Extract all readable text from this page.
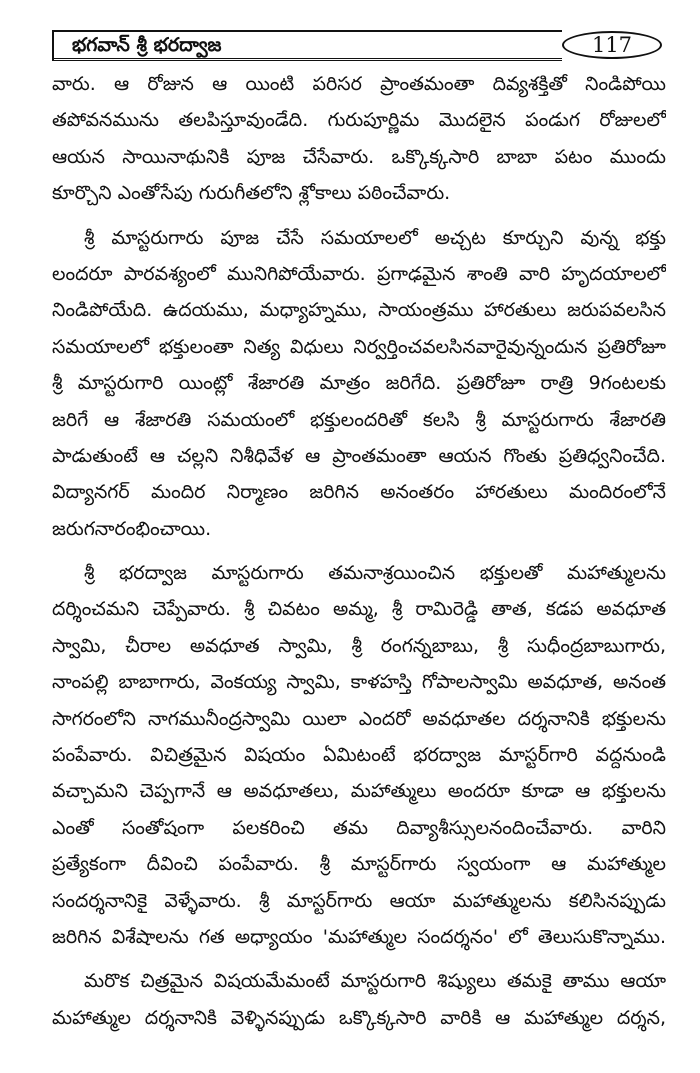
భగవాన్ శ్రీ భరద్వాజ	117
వారు. ఆ రోజున ఆ యింటి పరిసర ప్రాంతమంతా దివ్యశక్తితో నిండిపోయి
తపోవనమును తలపిస్తూవుండేది. గురుపూర్ణిమ మొదలైన పండుగ రోజులలో
ఆయన సాయినాథునికి పూజ చేసేవారు. ఒక్కొక్కసారి బాబా పటం ముందు
కూర్చొని ఎంతోసేపు గురుగీతలోని శ్లోకాలు పఠించేవారు.
శ్రీ మాస్టరుగారు పూజ చేసే సమయాలలో అచ్చట కూర్చుని వున్న భక్తు
లందరూ పారవశ్యంలో మునిగిపోయేవారు. ప్రగాఢమైన శాంతి వారి హృదయాలలో
నిండిపోయేది. ఉదయము, మధ్యాహ్నము, సాయంత్రము హారతులు జరుపవలసిన
సమయాలలో భక్తులంతా నిత్య విధులు నిర్వర్తించవలసినవారైవున్నందున ప్రతిరోజూ
శ్రీ మాస్టరుగారి యింట్లో శేజారతి మాత్రం జరిగేది. ప్రతిరోజూ రాత్రి 9గంటలకు
జరిగే ఆ శేజారతి సమయంలో భక్తులందరితో కలసి శ్రీ మాస్టరుగారు శేజారతి
పాడుతుంటే ఆ చల్లని నిశీధివేళ ఆ ప్రాంతమంతా ఆయన గొంతు ప్రతిధ్వనించేది.
విద్యానగర్ మందిర నిర్మాణం జరిగిన అనంతరం హారతులు మందిరంలోనే
జరుగనారంభించాయి.
శ్రీ భరద్వాజ మాస్టరుగారు తమనాశ్రయించిన భక్తులతో మహాత్ములను
దర్శించమని చెప్పేవారు. శ్రీ చివటం అమ్మ, శ్రీ రామిరెడ్డి తాత, కడప అవధూత
స్వామి, చీరాల అవధూత స్వామి, శ్రీ రంగన్నబాబు, శ్రీ సుధీంద్రబాబుగారు,
నాంపల్లి బాబాగారు, వెంకయ్య స్వామి, కాళహస్తి గోపాలస్వామి అవధూత, అనంత
సాగరంలోని నాగమునీంద్రస్వామి యిలా ఎందరో అవధూతల దర్శనానికి భక్తులను
పంపేవారు. విచిత్రమైన విషయం ఏమిటంటే భరద్వాజ మాస్టర్‌గారి వద్దనుండి
వచ్చామని చెప్పగానే ఆ అవధూతలు, మహాత్ములు అందరూ కూడా ఆ భక్తులను
ఎంతో సంతోషంగా పలకరించి తమ దివ్యాశీస్సులనందించేవారు. వారిని
ప్రత్యేకంగా దీవించి పంపేవారు. శ్రీ మాస్టర్‌గారు స్వయంగా ఆ మహాత్ముల
సందర్శనానికై వెళ్ళేవారు. శ్రీ మాస్టర్‌గారు ఆయా మహాత్ములను కలిసినప్పుడు
జరిగిన విశేషాలను గత అధ్యాయం 'మహాత్ముల సందర్శనం' లో తెలుసుకొన్నాము.
మరొక చిత్రమైన విషయమేమంటే మాస్టరుగారి శిష్యులు తమకై తాము ఆయా
మహాత్ముల దర్శనానికి వెళ్ళినప్పుడు ఒక్కొక్కసారి వారికి ఆ మహాత్ముల దర్శన,
